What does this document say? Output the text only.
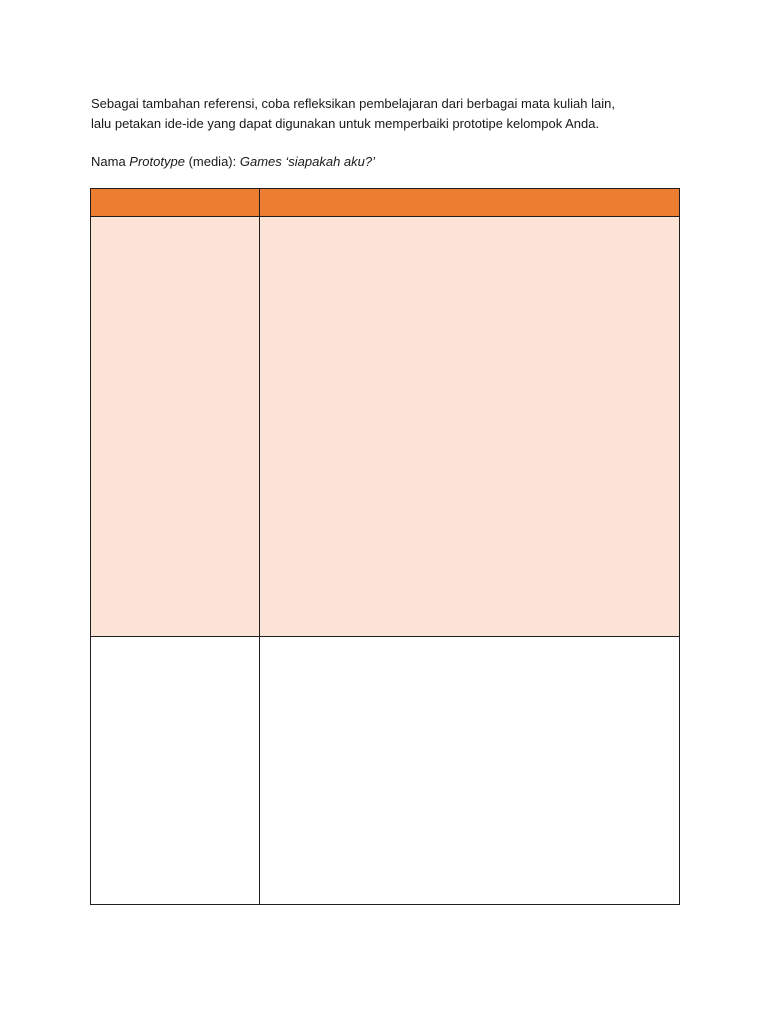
Sebagai tambahan referensi, coba refleksikan pembelajaran dari berbagai mata kuliah lain,
lalu petakan ide-ide yang dapat digunakan untuk memperbaiki prototipe kelompok Anda.

Nama Prototype (media): Games ‘siapakah aku?’
